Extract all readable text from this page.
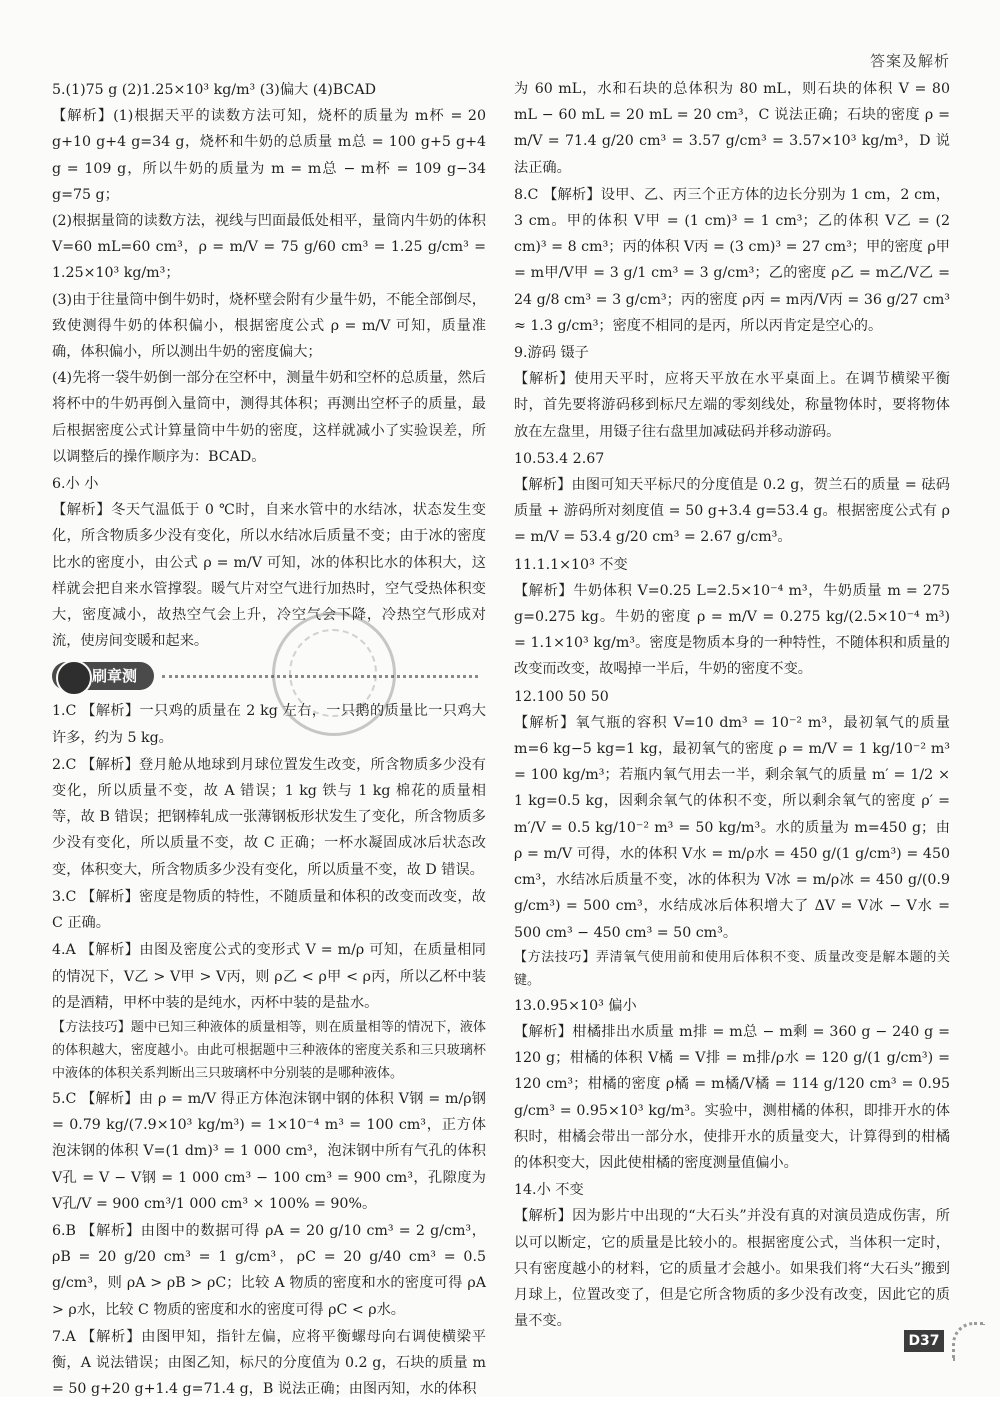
答案及解析

5.(1)75 g (2)1.25×10³ kg/m³ (3)偏大 (4)BCAD

【解析】(1)根据天平的读数方法可知，烧杯的质量为 m杯 = 20 g+10 g+4 g=34 g，烧杯和牛奶的总质量 m总 = 100 g+5 g+4 g = 109 g，所以牛奶的质量为 m = m总 − m杯 = 109 g−34 g=75 g；

(2)根据量筒的读数方法，视线与凹面最低处相平，量筒内牛奶的体积 V=60 mL=60 cm³，ρ = m/V = 75 g/60 cm³ = 1.25 g/cm³ = 1.25×10³ kg/m³；

(3)由于往量筒中倒牛奶时，烧杯壁会附有少量牛奶，不能全部倒尽，致使测得牛奶的体积偏小，根据密度公式 ρ = m/V 可知，质量准确，体积偏小，所以测出牛奶的密度偏大；

(4)先将一袋牛奶倒一部分在空杯中，测量牛奶和空杯的总质量，然后将杯中的牛奶再倒入量筒中，测得其体积；再测出空杯子的质量，最后根据密度公式计算量筒中牛奶的密度，这样就减小了实验误差，所以调整后的操作顺序为：BCAD。

6.小 小

【解析】冬天气温低于 0 ℃时，自来水管中的水结冰，状态发生变化，所含物质多少没有变化，所以水结冰后质量不变；由于冰的密度比水的密度小，由公式 ρ = m/V 可知，冰的体积比水的体积大，这样就会把自来水管撑裂。暖气片对空气进行加热时，空气受热体积变大，密度减小，故热空气会上升，冷空气会下降，冷热空气形成对流，使房间变暖和起来。

刷章测

1.C 【解析】一只鸡的质量在 2 kg 左右，一只鹅的质量比一只鸡大许多，约为 5 kg。

2.C 【解析】登月舱从地球到月球位置发生改变，所含物质多少没有变化，所以质量不变，故 A 错误；1 kg 铁与 1 kg 棉花的质量相等，故 B 错误；把钢棒轧成一张薄钢板形状发生了变化，所含物质多少没有变化，所以质量不变，故 C 正确；一杯水凝固成冰后状态改变，体积变大，所含物质多少没有变化，所以质量不变，故 D 错误。

3.C 【解析】密度是物质的特性，不随质量和体积的改变而改变，故 C 正确。

4.A 【解析】由图及密度公式的变形式 V = m/ρ 可知，在质量相同的情况下，V乙 > V甲 > V丙，则 ρ乙 < ρ甲 < ρ丙，所以乙杯中装的是酒精，甲杯中装的是纯水，丙杯中装的是盐水。

【方法技巧】题中已知三种液体的质量相等，则在质量相等的情况下，液体的体积越大，密度越小。由此可根据题中三种液体的密度关系和三只玻璃杯中液体的体积关系判断出三只玻璃杯中分别装的是哪种液体。

5.C 【解析】由 ρ = m/V 得正方体泡沫钢中钢的体积 V钢 = m/ρ钢 = 0.79 kg/(7.9×10³ kg/m³) = 1×10⁻⁴ m³ = 100 cm³，正方体泡沫钢的体积 V=(1 dm)³ = 1 000 cm³，泡沫钢中所有气孔的体积 V孔 = V − V钢 = 1 000 cm³ − 100 cm³ = 900 cm³，孔隙度为 V孔/V = 900 cm³/1 000 cm³ × 100% = 90%。

6.B 【解析】由图中的数据可得 ρA = 20 g/10 cm³ = 2 g/cm³，ρB = 20 g/20 cm³ = 1 g/cm³，ρC = 20 g/40 cm³ = 0.5 g/cm³，则 ρA > ρB > ρC；比较 A 物质的密度和水的密度可得 ρA > ρ水，比较 C 物质的密度和水的密度可得 ρC < ρ水。

7.A 【解析】由图甲知，指针左偏，应将平衡螺母向右调使横梁平衡，A 说法错误；由图乙知，标尺的分度值为 0.2 g，石块的质量 m = 50 g+20 g+1.4 g=71.4 g，B 说法正确；由图丙知，水的体积

为 60 mL，水和石块的总体积为 80 mL，则石块的体积 V = 80 mL − 60 mL = 20 mL = 20 cm³，C 说法正确；石块的密度 ρ = m/V = 71.4 g/20 cm³ = 3.57 g/cm³ = 3.57×10³ kg/m³，D 说法正确。

8.C 【解析】设甲、乙、丙三个正方体的边长分别为 1 cm，2 cm，3 cm。甲的体积 V甲 = (1 cm)³ = 1 cm³；乙的体积 V乙 = (2 cm)³ = 8 cm³；丙的体积 V丙 = (3 cm)³ = 27 cm³；甲的密度 ρ甲 = m甲/V甲 = 3 g/1 cm³ = 3 g/cm³；乙的密度 ρ乙 = m乙/V乙 = 24 g/8 cm³ = 3 g/cm³；丙的密度 ρ丙 = m丙/V丙 = 36 g/27 cm³ ≈ 1.3 g/cm³；密度不相同的是丙，所以丙肯定是空心的。

9.游码 镊子

【解析】使用天平时，应将天平放在水平桌面上。在调节横梁平衡时，首先要将游码移到标尺左端的零刻线处，称量物体时，要将物体放在左盘里，用镊子往右盘里加减砝码并移动游码。

10.53.4 2.67

【解析】由图可知天平标尺的分度值是 0.2 g，贺兰石的质量 = 砝码质量 + 游码所对刻度值 = 50 g+3.4 g=53.4 g。根据密度公式有 ρ = m/V = 53.4 g/20 cm³ = 2.67 g/cm³。

11.1.1×10³ 不变

【解析】牛奶体积 V=0.25 L=2.5×10⁻⁴ m³，牛奶质量 m = 275 g=0.275 kg。牛奶的密度 ρ = m/V = 0.275 kg/(2.5×10⁻⁴ m³) = 1.1×10³ kg/m³。密度是物质本身的一种特性，不随体积和质量的改变而改变，故喝掉一半后，牛奶的密度不变。

12.100 50 50

【解析】氧气瓶的容积 V=10 dm³ = 10⁻² m³，最初氧气的质量 m=6 kg−5 kg=1 kg，最初氧气的密度 ρ = m/V = 1 kg/10⁻² m³ = 100 kg/m³；若瓶内氧气用去一半，剩余氧气的质量 m′ = 1/2 × 1 kg=0.5 kg，因剩余氧气的体积不变，所以剩余氧气的密度 ρ′ = m′/V = 0.5 kg/10⁻² m³ = 50 kg/m³。水的质量为 m=450 g；由 ρ = m/V 可得，水的体积 V水 = m/ρ水 = 450 g/(1 g/cm³) = 450 cm³，水结冰后质量不变，冰的体积为 V冰 = m/ρ冰 = 450 g/(0.9 g/cm³) = 500 cm³，水结成冰后体积增大了 ΔV = V冰 − V水 = 500 cm³ − 450 cm³ = 50 cm³。

【方法技巧】弄清氧气使用前和使用后体积不变、质量改变是解本题的关键。

13.0.95×10³ 偏小

【解析】柑橘排出水质量 m排 = m总 − m剩 = 360 g − 240 g = 120 g；柑橘的体积 V橘 = V排 = m排/ρ水 = 120 g/(1 g/cm³) = 120 cm³；柑橘的密度 ρ橘 = m橘/V橘 = 114 g/120 cm³ = 0.95 g/cm³ = 0.95×10³ kg/m³。实验中，测柑橘的体积，即排开水的体积时，柑橘会带出一部分水，使排开水的质量变大，计算得到的柑橘的体积变大，因此使柑橘的密度测量值偏小。

14.小 不变

【解析】因为影片中出现的“大石头”并没有真的对演员造成伤害，所以可以断定，它的质量是比较小的。根据密度公式，当体积一定时，只有密度越小的材料，它的质量才会越小。如果我们将“大石头”搬到月球上，位置改变了，但是它所含物质的多少没有改变，因此它的质量不变。

D37
